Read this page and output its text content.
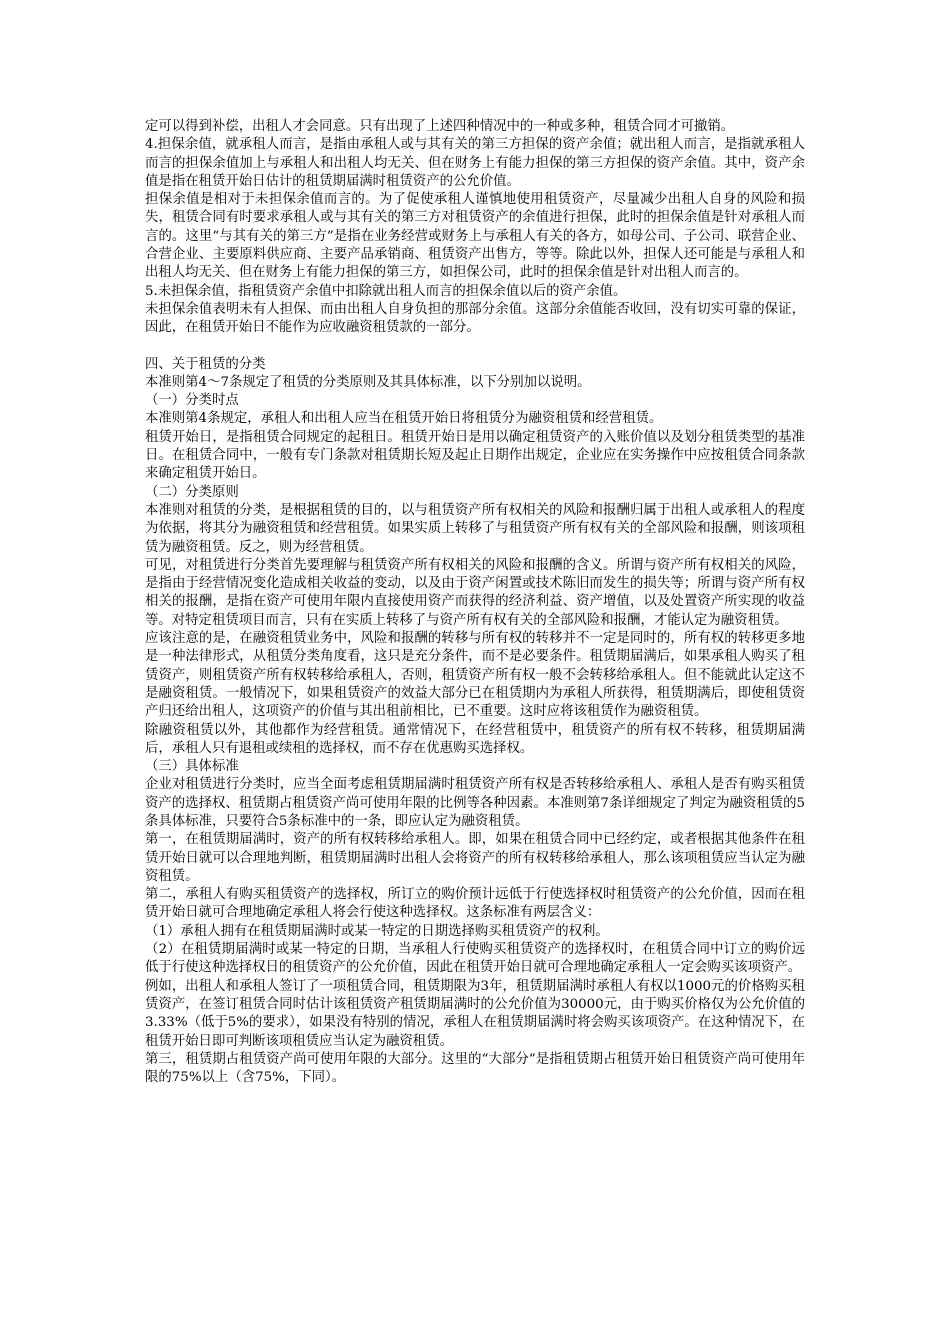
定可以得到补偿，出租人才会同意。只有出现了上述四种情况中的一种或多种，租赁合同才可撤销。

4.担保余值，就承租人而言，是指由承租人或与其有关的第三方担保的资产余值；就出租人而言，是指就承租人而言的担保余值加上与承租人和出租人均无关、但在财务上有能力担保的第三方担保的资产余值。其中，资产余值是指在租赁开始日估计的租赁期届满时租赁资产的公允价值。

担保余值是相对于未担保余值而言的。为了促使承租人谨慎地使用租赁资产，尽量减少出租人自身的风险和损失，租赁合同有时要求承租人或与其有关的第三方对租赁资产的余值进行担保，此时的担保余值是针对承租人而言的。这里“与其有关的第三方”是指在业务经营或财务上与承租人有关的各方，如母公司、子公司、联营企业、合营企业、主要原料供应商、主要产品承销商、租赁资产出售方，等等。除此以外，担保人还可能是与承租人和出租人均无关、但在财务上有能力担保的第三方，如担保公司，此时的担保余值是针对出租人而言的。

5.未担保余值，指租赁资产余值中扣除就出租人而言的担保余值以后的资产余值。

未担保余值表明未有人担保、而由出租人自身负担的那部分余值。这部分余值能否收回，没有切实可靠的保证，因此，在租赁开始日不能作为应收融资租赁款的一部分。

四、关于租赁的分类

本准则第4～7条规定了租赁的分类原则及其具体标准，以下分别加以说明。

（一）分类时点

本准则第4条规定，承租人和出租人应当在租赁开始日将租赁分为融资租赁和经营租赁。

租赁开始日，是指租赁合同规定的起租日。租赁开始日是用以确定租赁资产的入账价值以及划分租赁类型的基准日。在租赁合同中，一般有专门条款对租赁期长短及起止日期作出规定，企业应在实务操作中应按租赁合同条款来确定租赁开始日。

（二）分类原则

本准则对租赁的分类，是根据租赁的目的，以与租赁资产所有权相关的风险和报酬归属于出租人或承租人的程度为依据，将其分为融资租赁和经营租赁。如果实质上转移了与租赁资产所有权有关的全部风险和报酬，则该项租赁为融资租赁。反之，则为经营租赁。

可见，对租赁进行分类首先要理解与租赁资产所有权相关的风险和报酬的含义。所谓与资产所有权相关的风险，是指由于经营情况变化造成相关收益的变动，以及由于资产闲置或技术陈旧而发生的损失等；所谓与资产所有权相关的报酬，是指在资产可使用年限内直接使用资产而获得的经济利益、资产增值，以及处置资产所实现的收益等。对特定租赁项目而言，只有在实质上转移了与资产所有权有关的全部风险和报酬，才能认定为融资租赁。

应该注意的是，在融资租赁业务中，风险和报酬的转移与所有权的转移并不一定是同时的，所有权的转移更多地是一种法律形式，从租赁分类角度看，这只是充分条件，而不是必要条件。租赁期届满后，如果承租人购买了租赁资产，则租赁资产所有权转移给承租人，否则，租赁资产所有权一般不会转移给承租人。但不能就此认定这不是融资租赁。一般情况下，如果租赁资产的效益大部分已在租赁期内为承租人所获得，租赁期满后，即使租赁资产归还给出租人，这项资产的价值与其出租前相比，已不重要。这时应将该租赁作为融资租赁。

除融资租赁以外，其他都作为经营租赁。通常情况下，在经营租赁中，租赁资产的所有权不转移，租赁期届满后，承租人只有退租或续租的选择权，而不存在优惠购买选择权。

（三）具体标准

企业对租赁进行分类时，应当全面考虑租赁期届满时租赁资产所有权是否转移给承租人、承租人是否有购买租赁资产的选择权、租赁期占租赁资产尚可使用年限的比例等各种因素。本准则第7条详细规定了判定为融资租赁的5条具体标准，只要符合5条标准中的一条，即应认定为融资租赁。

第一，在租赁期届满时，资产的所有权转移给承租人。即，如果在租赁合同中已经约定，或者根据其他条件在租赁开始日就可以合理地判断，租赁期届满时出租人会将资产的所有权转移给承租人，那么该项租赁应当认定为融资租赁。

第二，承租人有购买租赁资产的选择权，所订立的购价预计远低于行使选择权时租赁资产的公允价值，因而在租赁开始日就可合理地确定承租人将会行使这种选择权。这条标准有两层含义：

（1）承租人拥有在租赁期届满时或某一特定的日期选择购买租赁资产的权利。

（2）在租赁期届满时或某一特定的日期，当承租人行使购买租赁资产的选择权时，在租赁合同中订立的购价远低于行使这种选择权日的租赁资产的公允价值，因此在租赁开始日就可合理地确定承租人一定会购买该项资产。

例如，出租人和承租人签订了一项租赁合同，租赁期限为3年，租赁期届满时承租人有权以1000元的价格购买租赁资产，在签订租赁合同时估计该租赁资产租赁期届满时的公允价值为30000元，由于购买价格仅为公允价值的3.33%（低于5%的要求），如果没有特别的情况，承租人在租赁期届满时将会购买该项资产。在这种情况下，在租赁开始日即可判断该项租赁应当认定为融资租赁。

第三，租赁期占租赁资产尚可使用年限的大部分。这里的“大部分”是指租赁期占租赁开始日租赁资产尚可使用年限的75%以上（含75%，下同）。
